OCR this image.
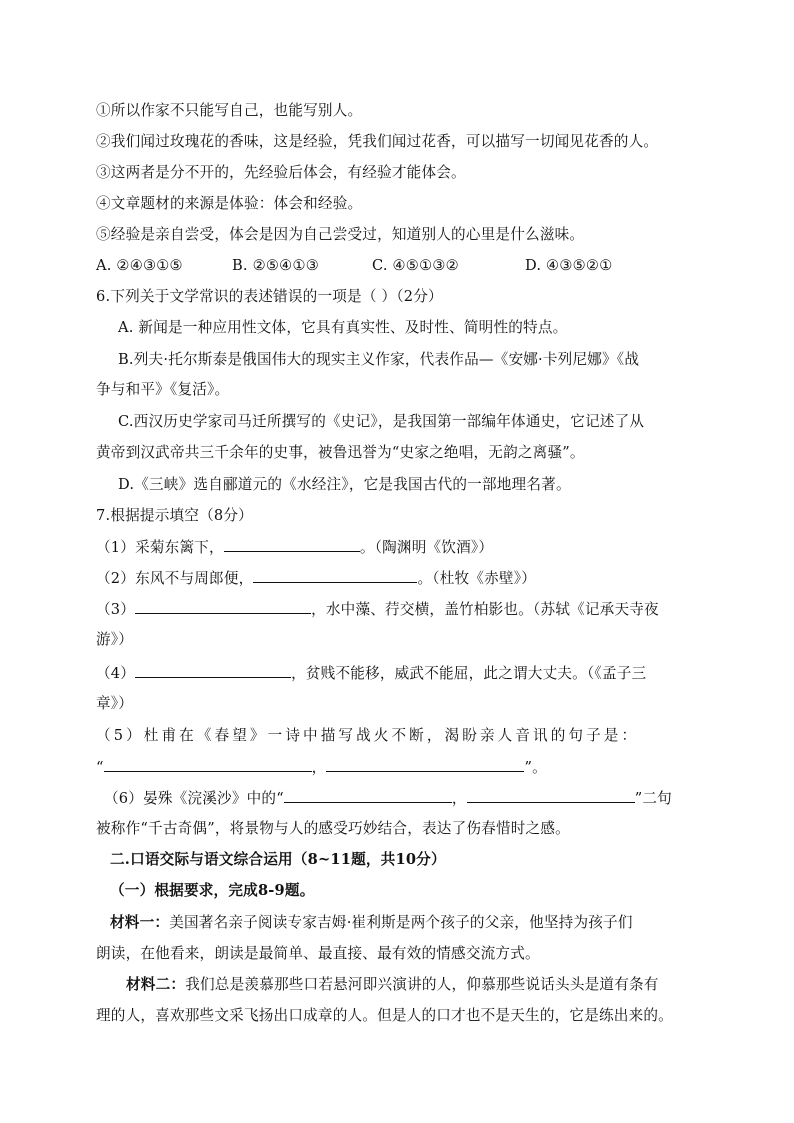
①所以作家不只能写自己，也能写别人。
②我们闻过玫瑰花的香味，这是经验，凭我们闻过花香，可以描写一切闻见花香的人。
③这两者是分不开的，先经验后体会，有经验才能体会。
④文章题材的来源是体验：体会和经验。
⑤经验是亲自尝受，体会是因为自己尝受过，知道别人的心里是什么滋味。
A. ②④③①⑤	B. ②⑤④①③	C. ④⑤①③②	D. ④③⑤②①
6.下列关于文学常识的表述错误的一项是（ ）（2分）
A. 新闻是一种应用性文体，它具有真实性、及时性、简明性的特点。
B.列夫·托尔斯泰是俄国伟大的现实主义作家，代表作品—《安娜·卡列尼娜》《战
争与和平》《复活》。
C.西汉历史学家司马迁所撰写的《史记》，是我国第一部编年体通史，它记述了从
黄帝到汉武帝共三千余年的史事，被鲁迅誉为“史家之绝唱，无韵之离骚”。
D.《三峡》选自郦道元的《水经注》，它是我国古代的一部地理名著。
7.根据提示填空（8分）
（1）采菊东篱下，	。（陶渊明《饮酒》）
（2）东风不与周郎便，	。（杜牧《赤壁》）
（3）	，水中藻、荇交横，盖竹柏影也。（苏轼《记承天寺夜
游》）
（4）	，贫贱不能移，威武不能屈，此之谓大丈夫。（《孟子三
章》）
（5）杜甫在《春望》一诗中描写战火不断，渴盼亲人音讯的句子是：
“	，	”。
（6）晏殊《浣溪沙》中的“	，	”二句
被称作“千古奇偶”，将景物与人的感受巧妙结合，表达了伤春惜时之感。
二.口语交际与语文综合运用（8~11题，共10分）
（一）根据要求，完成8-9题。
材料一：美国著名亲子阅读专家吉姆·崔利斯是两个孩子的父亲，他坚持为孩子们
朗读，在他看来，朗读是最简单、最直接、最有效的情感交流方式。
材料二：我们总是羡慕那些口若悬河即兴演讲的人，仰慕那些说话头头是道有条有
理的人，喜欢那些文采飞扬出口成章的人。但是人的口才也不是天生的，它是练出来的。
